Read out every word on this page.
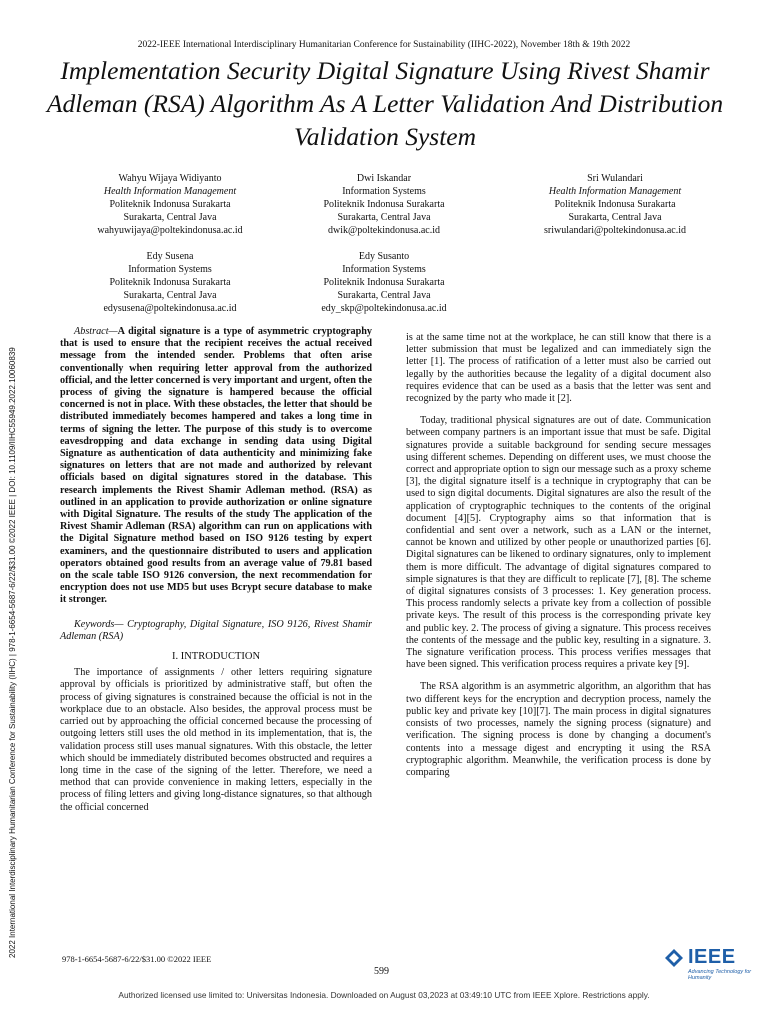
2022-IEEE International Interdisciplinary Humanitarian Conference for Sustainability (IIHC-2022), November 18th & 19th 2022
Implementation Security Digital Signature Using Rivest Shamir Adleman (RSA) Algorithm As A Letter Validation And Distribution Validation System
Wahyu Wijaya Widiyanto
Health Information Management
Politeknik Indonusa Surakarta
Surakarta, Central Java
wahyuwijaya@poltekindonusa.ac.id
Dwi Iskandar
Information Systems
Politeknik Indonusa Surakarta
Surakarta, Central Java
dwik@poltekindonusa.ac.id
Sri Wulandari
Health Information Management
Politeknik Indonusa Surakarta
Surakarta, Central Java
sriwulandari@poltekindonusa.ac.id
Edy Susena
Information Systems
Politeknik Indonusa Surakarta
Surakarta, Central Java
edysusena@poltekindonusa.ac.id
Edy Susanto
Information Systems
Politeknik Indonusa Surakarta
Surakarta, Central Java
edy_skp@poltekindonusa.ac.id
2022 International Interdisciplinary Humanitarian Conference for Sustainability (IIHC) | 978-1-6654-5687-6/22/$31.00 ©2022 IEEE | DOI: 10.1109/IIHC55949.2022.10060839

Abstract—A digital signature is a type of asymmetric cryptography that is used to ensure that the recipient receives the actual received message from the intended sender. Problems that often arise conventionally when requiring letter approval from the authorized official, and the letter concerned is very important and urgent, often the process of giving the signature is hampered because the official concerned is not in place. With these obstacles, the letter that should be distributed immediately becomes hampered and takes a long time in terms of signing the letter. The purpose of this study is to overcome eavesdropping and data exchange in sending data using Digital Signature as authentication of data authenticity and minimizing fake signatures on letters that are not made and authorized by relevant officials based on digital signatures stored in the database. This research implements the Rivest Shamir Adleman method. (RSA) as outlined in an application to provide authorization or online signature with Digital Signature. The results of the study The application of the Rivest Shamir Adleman (RSA) algorithm can run on applications with the Digital Signature method based on ISO 9126 testing by expert examiners, and the questionnaire distributed to users and application operators obtained good results from an average value of 79.81 based on the scale table ISO 9126 conversion, the next recommendation for encryption does not use MD5 but uses Bcrypt secure database to make it stronger.

Keywords— Cryptography, Digital Signature, ISO 9126, Rivest Shamir Adleman (RSA)

I. INTRODUCTION

The importance of assignments / other letters requiring signature approval by officials is prioritized by administrative staff, but often the process of giving signatures is constrained because the official is not in the workplace due to an obstacle. Also besides, the approval process must be carried out by approaching the official concerned because the processing of outgoing letters still uses the old method in its implementation, that is, the validation process still uses manual signatures. With this obstacle, the letter which should be immediately distributed becomes obstructed and requires a long time in the case of the signing of the letter. Therefore, we need a method that can provide convenience in making letters, especially in the process of filing letters and giving long-distance signatures, so that although the official concerned

is at the same time not at the workplace, he can still know that there is a letter submission that must be legalized and can immediately sign the letter [1]. The process of ratification of a letter must also be carried out legally by the authorities because the legality of a digital document also requires evidence that can be used as a basis that the letter was sent and recognized by the party who made it [2].

Today, traditional physical signatures are out of date. Communication between company partners is an important issue that must be safe. Digital signatures provide a suitable background for sending secure messages using different schemes. Depending on different uses, we must choose the correct and appropriate option to sign our message such as a proxy scheme [3], the digital signature itself is a technique in cryptography that can be used to sign digital documents. Digital signatures are also the result of the application of cryptographic techniques to the contents of the original document [4][5]. Cryptography aims so that information that is confidential and sent over a network, such as a LAN or the internet, cannot be known and utilized by other people or unauthorized parties [6]. Digital signatures can be likened to ordinary signatures, only to implement them is more difficult. The advantage of digital signatures compared to simple signatures is that they are difficult to replicate [7], [8]. The scheme of digital signatures consists of 3 processes: 1. Key generation process. This process randomly selects a private key from a collection of possible private keys. The result of this process is the corresponding private key and public key. 2. The process of giving a signature. This process receives the contents of the message and the public key, resulting in a signature. 3. The signature verification process. This process verifies messages that have been signed. This verification process requires a private key [9].

The RSA algorithm is an asymmetric algorithm, an algorithm that has two different keys for the encryption and decryption process, namely the public key and private key [10][7]. The main process in digital signatures consists of two processes, namely the signing process (signature) and verification. The signing process is done by changing a document's contents into a message digest and encrypting it using the RSA cryptographic algorithm. Meanwhile, the verification process is done by comparing

978-1-6654-5687-6/22/$31.00 ©2022 IEEE
599
IEEE
Advancing Technology for Humanity
Authorized licensed use limited to: Universitas Indonesia. Downloaded on August 03,2023 at 03:49:10 UTC from IEEE Xplore. Restrictions apply.
